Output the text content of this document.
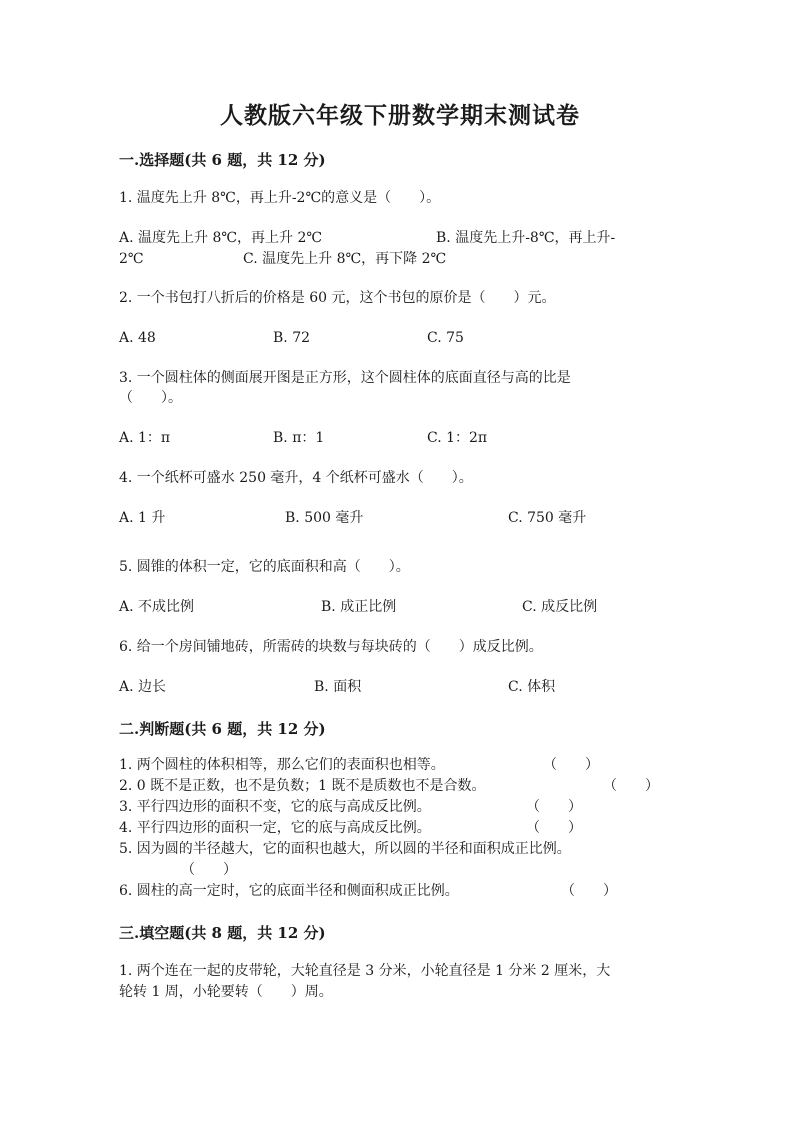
人教版六年级下册数学期末测试卷
一.选择题(共 6 题，共 12 分)
1. 温度先上升 8℃，再上升-2℃的意义是（　　）。
A. 温度先上升 8℃，再上升 2℃	B. 温度先上升-8℃，再上升-
2℃	C. 温度先上升 8℃，再下降 2℃
2. 一个书包打八折后的价格是 60 元，这个书包的原价是（　　）元。
A. 48	B. 72	C. 75
3. 一个圆柱体的侧面展开图是正方形，这个圆柱体的底面直径与高的比是
（　　）。
A. 1：π	B. π：1	C. 1：2π
4. 一个纸杯可盛水 250 毫升，4 个纸杯可盛水（　　）。
A. 1 升	B. 500 毫升	C. 750 毫升
5. 圆锥的体积一定，它的底面积和高（　　）。
A. 不成比例	B. 成正比例	C. 成反比例
6. 给一个房间铺地砖，所需砖的块数与每块砖的（　　）成反比例。
A. 边长	B. 面积	C. 体积
二.判断题(共 6 题，共 12 分)
1. 两个圆柱的体积相等，那么它们的表面积也相等。	（　　）
2. 0 既不是正数，也不是负数；1 既不是质数也不是合数。	（　　）
3. 平行四边形的面积不变，它的底与高成反比例。	（　　）
4. 平行四边形的面积一定，它的底与高成反比例。	（　　）
5. 因为圆的半径越大，它的面积也越大，所以圆的半径和面积成正比例。
（　　）
6. 圆柱的高一定时，它的底面半径和侧面积成正比例。	（　　）
三.填空题(共 8 题，共 12 分)
1. 两个连在一起的皮带轮，大轮直径是 3 分米，小轮直径是 1 分米 2 厘米，大
轮转 1 周，小轮要转（　　）周。
